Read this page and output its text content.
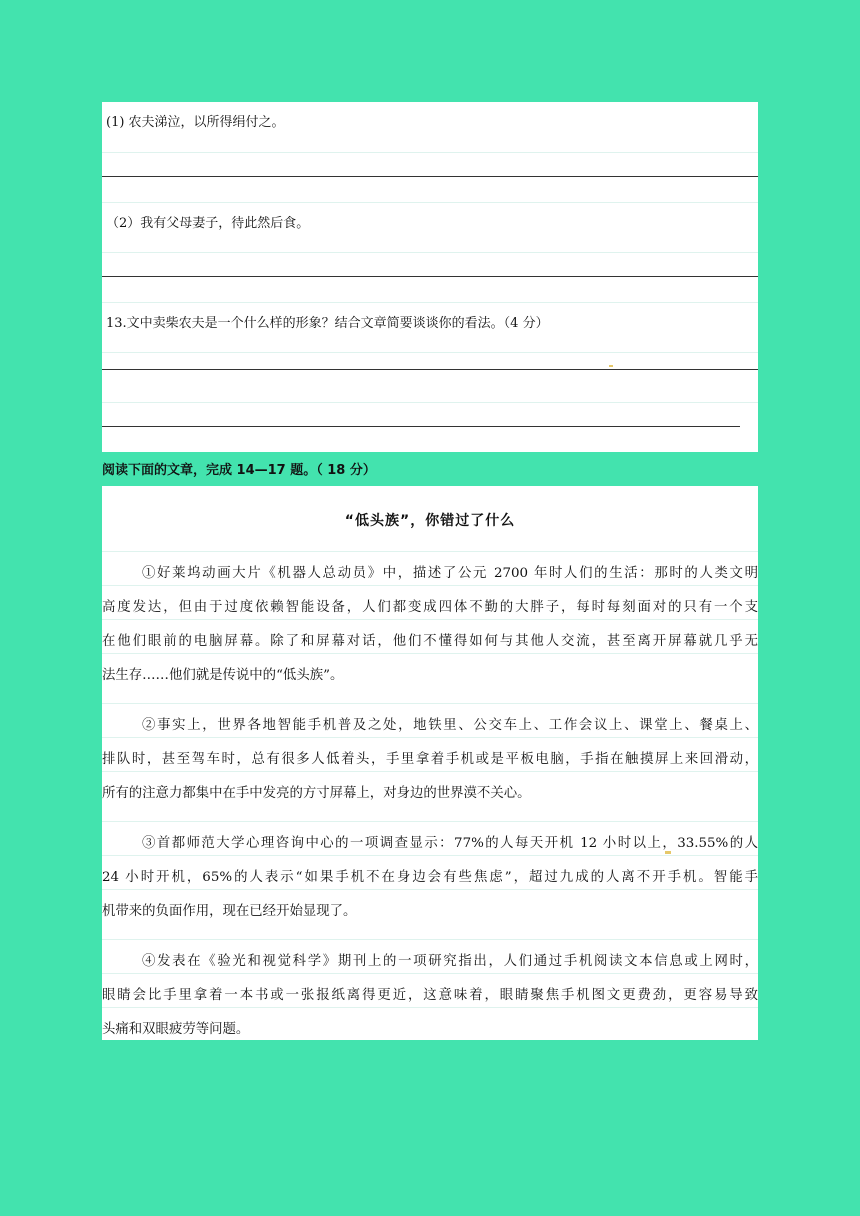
(1) 农夫涕泣，以所得绢付之。
（2）我有父母妻子，待此然后食。
13.文中卖柴农夫是一个什么样的形象？结合文章简要谈谈你的看法。（4 分）
阅读下面的文章，完成 14—17 题。（ 18 分）
“低头族”，你错过了什么
①好莱坞动画大片《机器人总动员》中，描述了公元 2700 年时人们的生活：那时的人类文明
高度发达，但由于过度依赖智能设备，人们都变成四体不勤的大胖子，每时每刻面对的只有一个支
在他们眼前的电脑屏幕。除了和屏幕对话，他们不懂得如何与其他人交流，甚至离开屏幕就几乎无
法生存……他们就是传说中的“低头族”。
②事实上，世界各地智能手机普及之处，地铁里、公交车上、工作会议上、课堂上、餐桌上、
排队时，甚至驾车时，总有很多人低着头，手里拿着手机或是平板电脑，手指在触摸屏上来回滑动，
所有的注意力都集中在手中发亮的方寸屏幕上，对身边的世界漠不关心。
③首都师范大学心理咨询中心的一项调查显示：77%的人每天开机 12 小时以上，33.55%的人
24 小时开机，65%的人表示“如果手机不在身边会有些焦虑”，超过九成的人离不开手机。智能手
机带来的负面作用，现在已经开始显现了。
④发表在《验光和视觉科学》期刊上的一项研究指出，人们通过手机阅读文本信息或上网时，
眼睛会比手里拿着一本书或一张报纸离得更近，这意味着，眼睛聚焦手机图文更费劲，更容易导致
头痛和双眼疲劳等问题。
